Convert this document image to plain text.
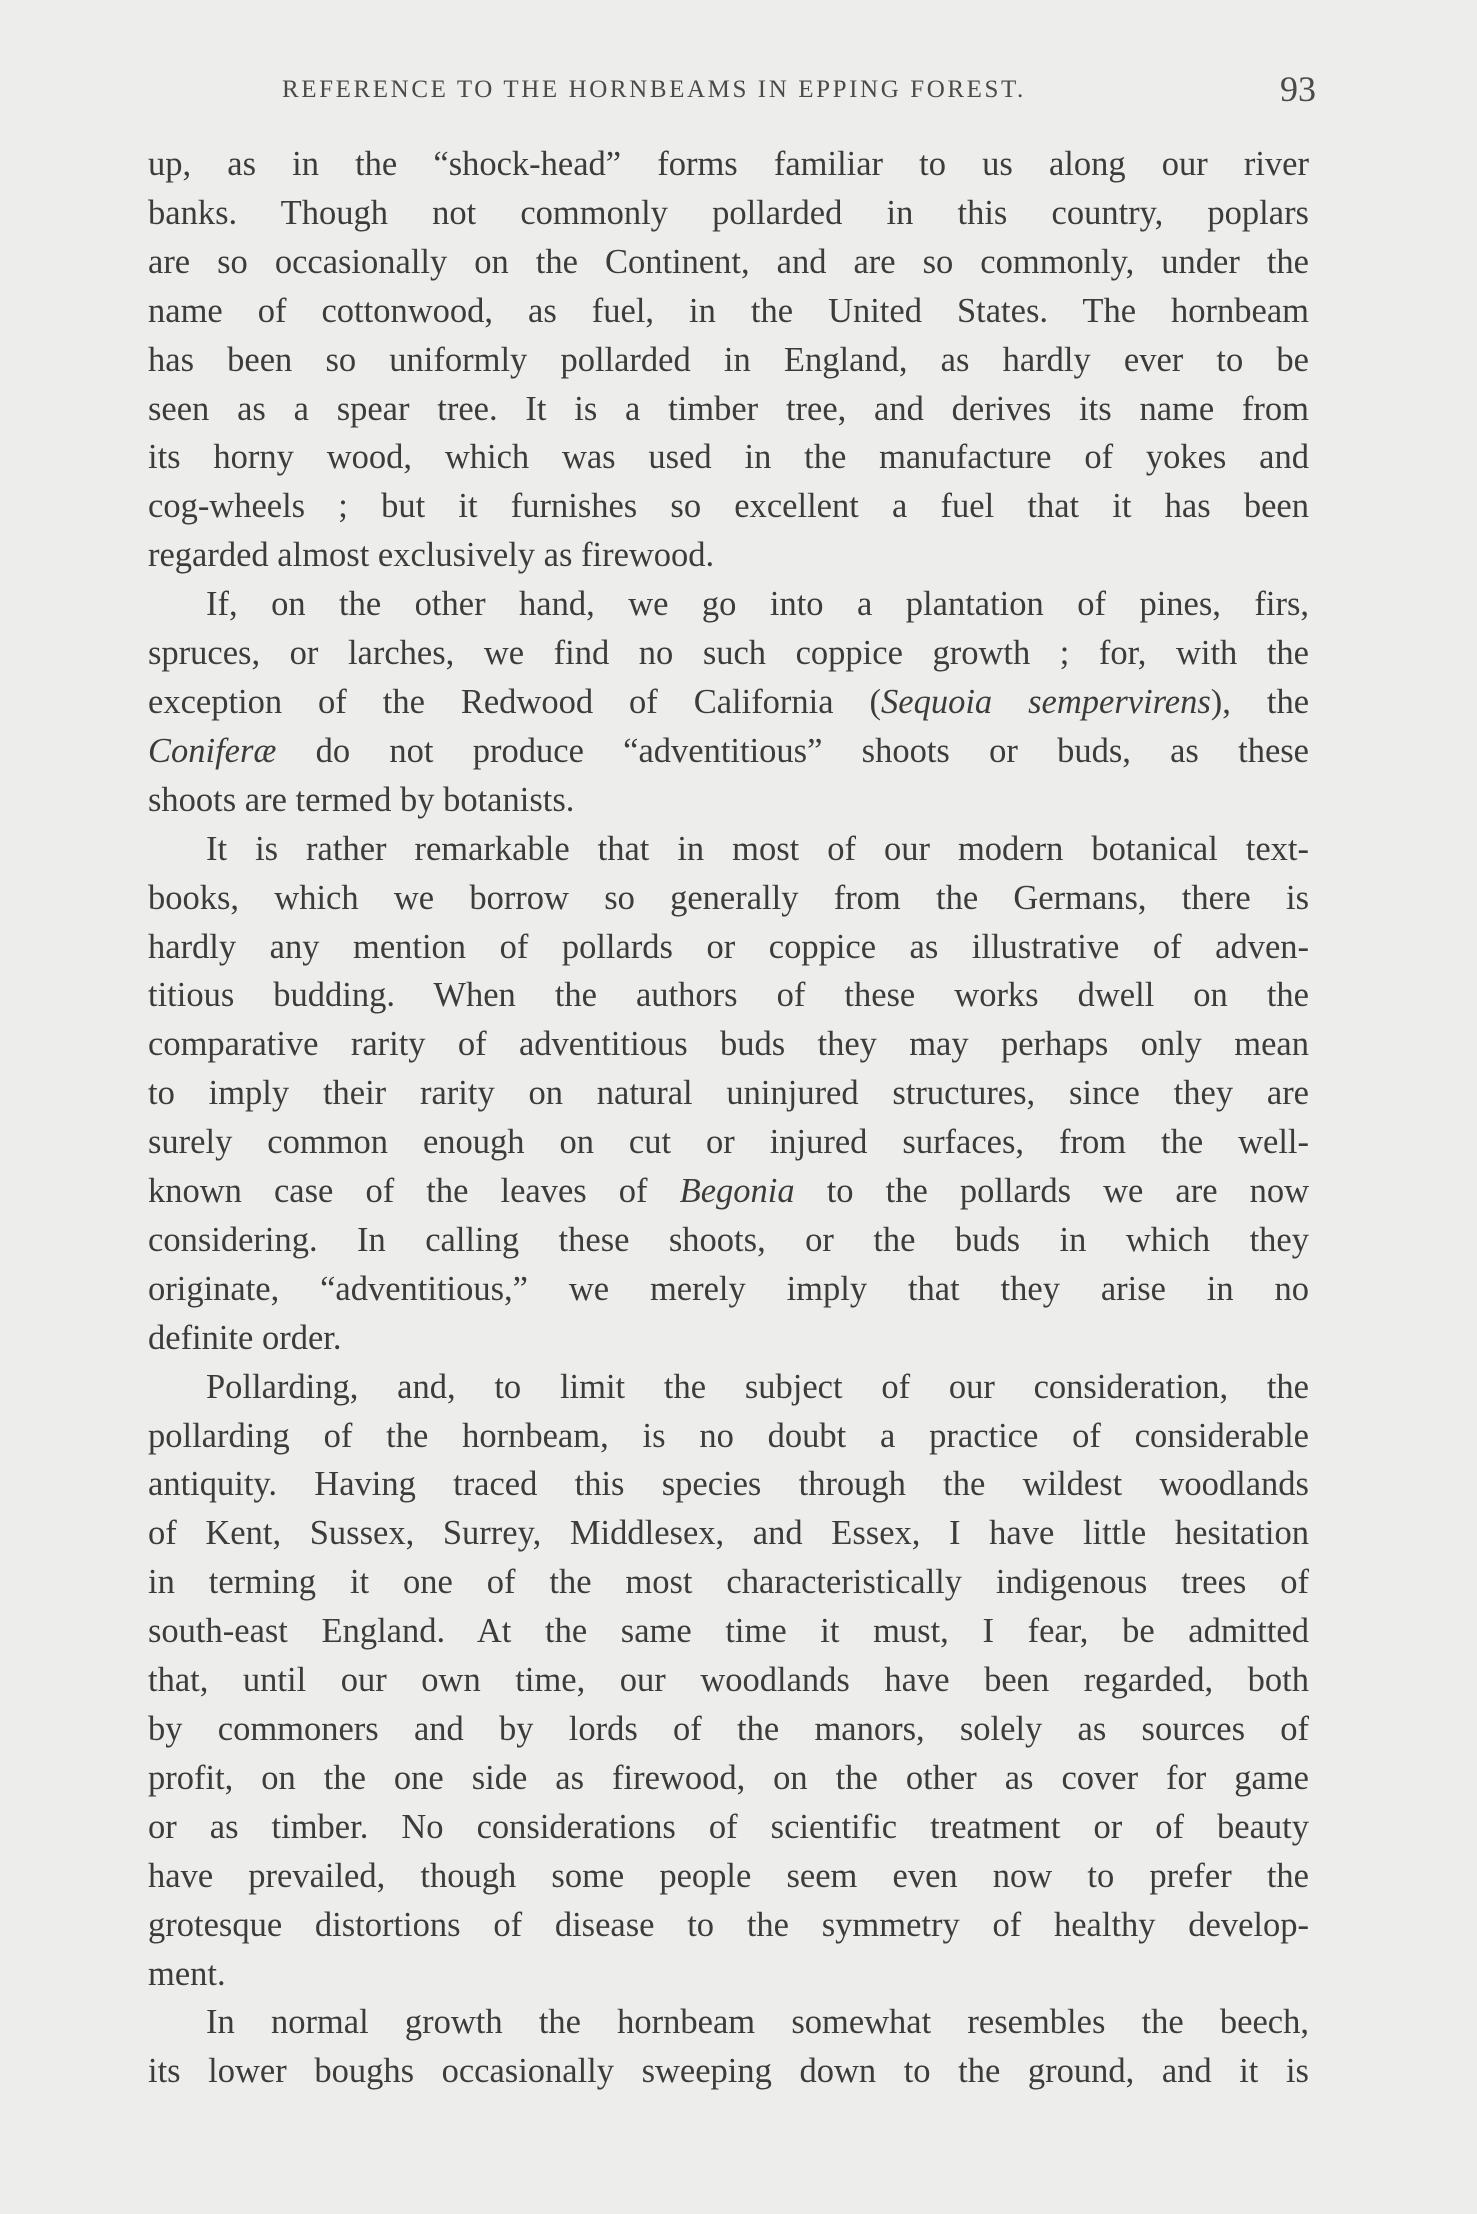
REFERENCE TO THE HORNBEAMS IN EPPING FOREST.	93

up, as in the “shock-head” forms familiar to us along our river

banks. Though not commonly pollarded in this country, poplars

are so occasionally on the Continent, and are so commonly, under the

name of cottonwood, as fuel, in the United States. The hornbeam

has been so uniformly pollarded in England, as hardly ever to be

seen as a spear tree. It is a timber tree, and derives its name from

its horny wood, which was used in the manufacture of yokes and

cog-wheels ; but it furnishes so excellent a fuel that it has been

regarded almost exclusively as firewood.

If, on the other hand, we go into a plantation of pines, firs,

spruces, or larches, we find no such coppice growth ; for, with the

exception of the Redwood of California (Sequoia sempervirens), the

Coniferæ do not produce “adventitious” shoots or buds, as these

shoots are termed by botanists.

It is rather remarkable that in most of our modern botanical text-

books, which we borrow so generally from the Germans, there is

hardly any mention of pollards or coppice as illustrative of adven-

titious budding. When the authors of these works dwell on the

comparative rarity of adventitious buds they may perhaps only mean

to imply their rarity on natural uninjured structures, since they are

surely common enough on cut or injured surfaces, from the well-

known case of the leaves of Begonia to the pollards we are now

considering. In calling these shoots, or the buds in which they

originate, “adventitious,” we merely imply that they arise in no

definite order.

Pollarding, and, to limit the subject of our consideration, the

pollarding of the hornbeam, is no doubt a practice of considerable

antiquity. Having traced this species through the wildest woodlands

of Kent, Sussex, Surrey, Middlesex, and Essex, I have little hesitation

in terming it one of the most characteristically indigenous trees of

south-east England. At the same time it must, I fear, be admitted

that, until our own time, our woodlands have been regarded, both

by commoners and by lords of the manors, solely as sources of

profit, on the one side as firewood, on the other as cover for game

or as timber. No considerations of scientific treatment or of beauty

have prevailed, though some people seem even now to prefer the

grotesque distortions of disease to the symmetry of healthy develop-

ment.

In normal growth the hornbeam somewhat resembles the beech,

its lower boughs occasionally sweeping down to the ground, and it is
